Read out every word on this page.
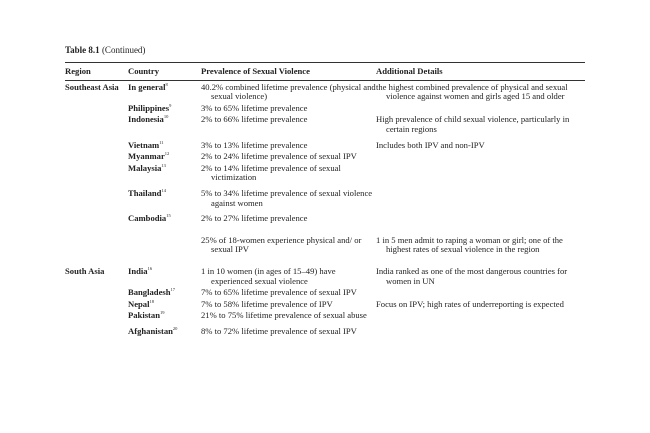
Table 8.1 (Continued)
Region	Country	Prevalence of Sexual Violence	Additional Details
Southeast Asia	In general$^8$	40.2% combined lifetime prevalence (physical and sexual violence)	the highest combined prevalence of physical and sexual violence against women and girls aged 15 and older

	Philippines$^9$	3% to 65% lifetime prevalence	

	Indonesia$^{10}$	2% to 66% lifetime prevalence	High prevalence of child sexual violence, particularly in certain regions

	Vietnam$^{11}$	3% to 13% lifetime prevalence	Includes both IPV and non-IPV

	Myanmar$^{12}$	2% to 24% lifetime prevalence of sexual IPV	

	Malaysia$^{13}$	2% to 14% lifetime prevalence of sexual victimization	

	Thailand$^{14}$	5% to 34% lifetime prevalence of sexual violence against women	

	Cambodia$^{15}$	2% to 27% lifetime prevalence	

		25% of 18-women experience physical and/ or sexual IPV	1 in 5 men admit to raping a woman or girl; one of the highest rates of sexual violence in the region

South Asia	India$^{16}$	1 in 10 women (in ages of 15–49) have experienced sexual violence	India ranked as one of the most dangerous countries for women in UN

	Bangladesh$^{17}$	7% to 65% lifetime prevalence of sexual IPV	

	Nepal$^{18}$	7% to 58% lifetime prevalence of IPV	Focus on IPV; high rates of underreporting is expected

	Pakistan$^{19}$	21% to 75% lifetime prevalence of sexual abuse	

	Afghanistan$^{20}$	8% to 72% lifetime prevalence of sexual IPV	
